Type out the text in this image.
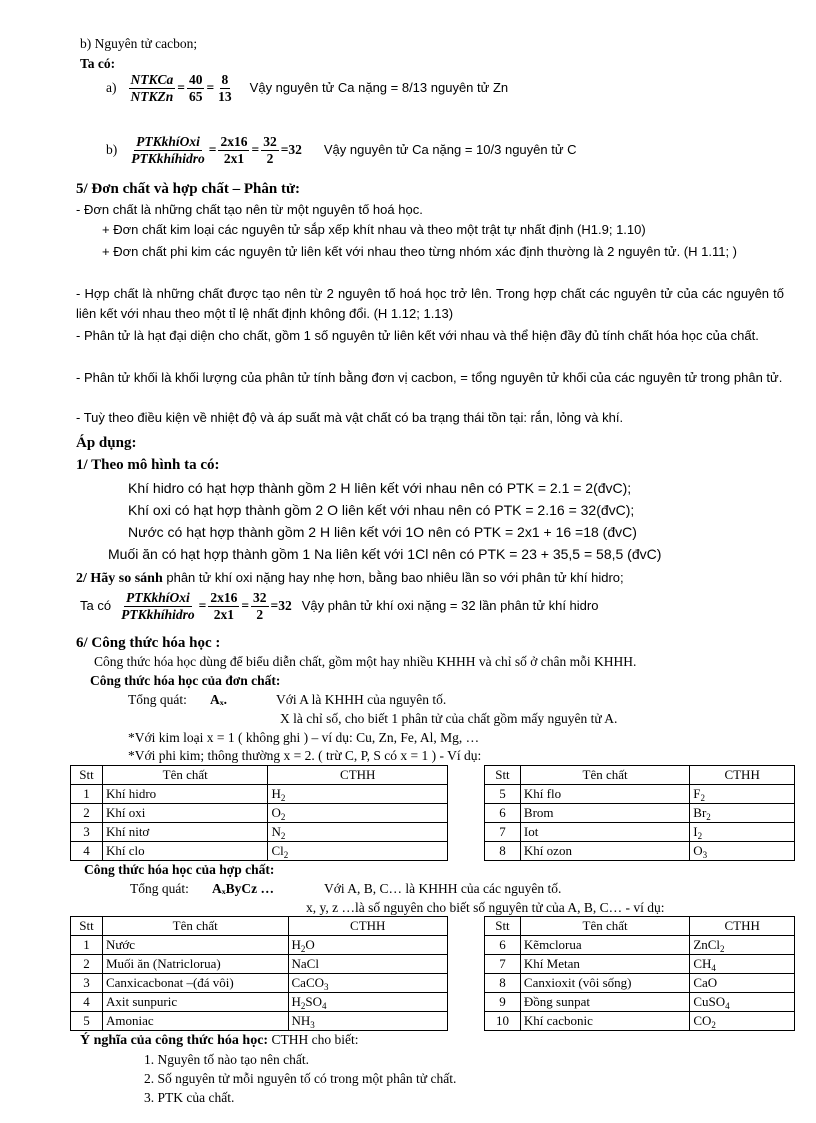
b) Nguyên tử cacbon;
Ta có:
$a) \frac{\text{NTKCa}}{\text{NTKZn}} = \frac{40}{65} = \frac{8}{13}$ Vậy nguyên tử Ca nặng = 8/13 nguyên tử Zn
$b) \frac{\text{PTKkhíOxi}}{\text{PTKkhíhidro}} = \frac{2x16}{2x1} = \frac{32}{2} =32$ Vậy nguyên tử Ca nặng = 10/3 nguyên tử C
5/ Đơn chất và hợp chất – Phân tử:
- Đơn chất là những chất tạo nên từ một nguyên tố hoá học.
+ Đơn chất kim loại các nguyên tử sắp xếp khít nhau và theo một trật tự nhất định (H1.9; 1.10)
+ Đơn chất phi kim các nguyên tử liên kết với nhau theo từng nhóm xác định thường là 2 nguyên tử. (H 1.11; )
- Hợp chất là những chất được tạo nên từ 2 nguyên tố hoá học trở lên. Trong hợp chất các nguyên tử của các nguyên tố liên kết với nhau theo một tỉ lệ nhất định không đổi. (H 1.12; 1.13)
- Phân tử là hạt đại diện cho chất, gồm 1 số nguyên tử liên kết với nhau và thể hiện đầy đủ tính chất hóa học của chất.
- Phân tử khối là khối lượng của phân tử tính bằng đơn vị cacbon, = tổng nguyên tử khối của các nguyên tử trong phân tử.
- Tuỳ theo điều kiện về nhiệt độ và áp suất mà vật chất có ba trạng thái tồn tại: rắn, lỏng và khí.
Áp dụng:
1/ Theo mô hình ta có:
Khí hidro có hạt hợp thành gồm 2 H liên kết với nhau nên có PTK = 2.1 = 2(đvC);
Khí oxi có hạt hợp thành gồm 2 O liên kết với nhau nên có PTK = 2.16 = 32(đvC);
Nước có hạt hợp thành gồm 2 H liên kết với 1O nên có PTK = 2x1 + 16 =18 (đvC)
Muối ăn có hạt hợp thành gồm 1 Na liên kết với 1Cl nên có PTK = 23 + 35,5 = 58,5 (đvC)
2/ Hãy so sánh phân tử khí oxi nặng hay nhẹ hơn, bằng bao nhiêu lần so với phân tử khí hidro;
Ta có $\frac{\text{PTKkhíOxi}}{\text{PTKkhíhidro}} = \frac{2x16}{2x1} = \frac{32}{2} =32$ Vậy phân tử khí oxi nặng = 32 lần phân tử khí hidro
6/ Công thức hóa học :
Công thức hóa học dùng để biểu diễn chất, gồm một hay nhiều KHHH và chỉ số ở chân mỗi KHHH.
Công thức hóa học của đơn chất:
Tổng quát: Aₓ.	Với A là KHHH của nguyên tố.
X là chỉ số, cho biết 1 phân tử của chất gồm mấy nguyên tử A.
*Với kim loại x = 1 ( không ghi ) – ví dụ: Cu, Zn, Fe, Al, Mg, …
*Với phi kim; thông thường x = 2. ( trừ C, P, S có x = 1 ) - Ví dụ:
Stt	Tên chất	CTHH
1	Khí hidro	$H_2$
2	Khí oxi	$O_2$
3	Khí nitơ	$N_2$
4	Khí clo	$Cl_2$
Stt	Tên chất	CTHH
5	Khí flo	$F_2$
6	Brom	$Br_2$
7	Iot	$I_2$
8	Khí ozon	$O_3$
Công thức hóa học của hợp chất:
Tổng quát: AₓByCz …	Với A, B, C… là KHHH của các nguyên tố.
x, y, z …là số nguyên cho biết số nguyên tử của A, B, C… - ví dụ:
Stt	Tên chất	CTHH
1	Nước	$H_2O$
2	Muối ăn (Natriclorua)	NaCl
3	Canxicacbonat –(đá vôi)	CaCO$_3$
4	Axit sunpuric	$H_2SO_4$
5	Amoniac	$NH_3$
Stt	Tên chất	CTHH
6	Kẽmclorua	ZnCl$_2$
7	Khí Metan	$CH_4$
8	Canxioxit (vôi sống)	CaO
9	Đồng sunpat	CuSO$_4$
10	Khí cacbonic	$CO_2$
Ý nghĩa của công thức hóa học: CTHH cho biết:
1. Nguyên tố nào tạo nên chất.
2. Số nguyên tử mỗi nguyên tố có trong một phân tử chất.
3. PTK của chất.
